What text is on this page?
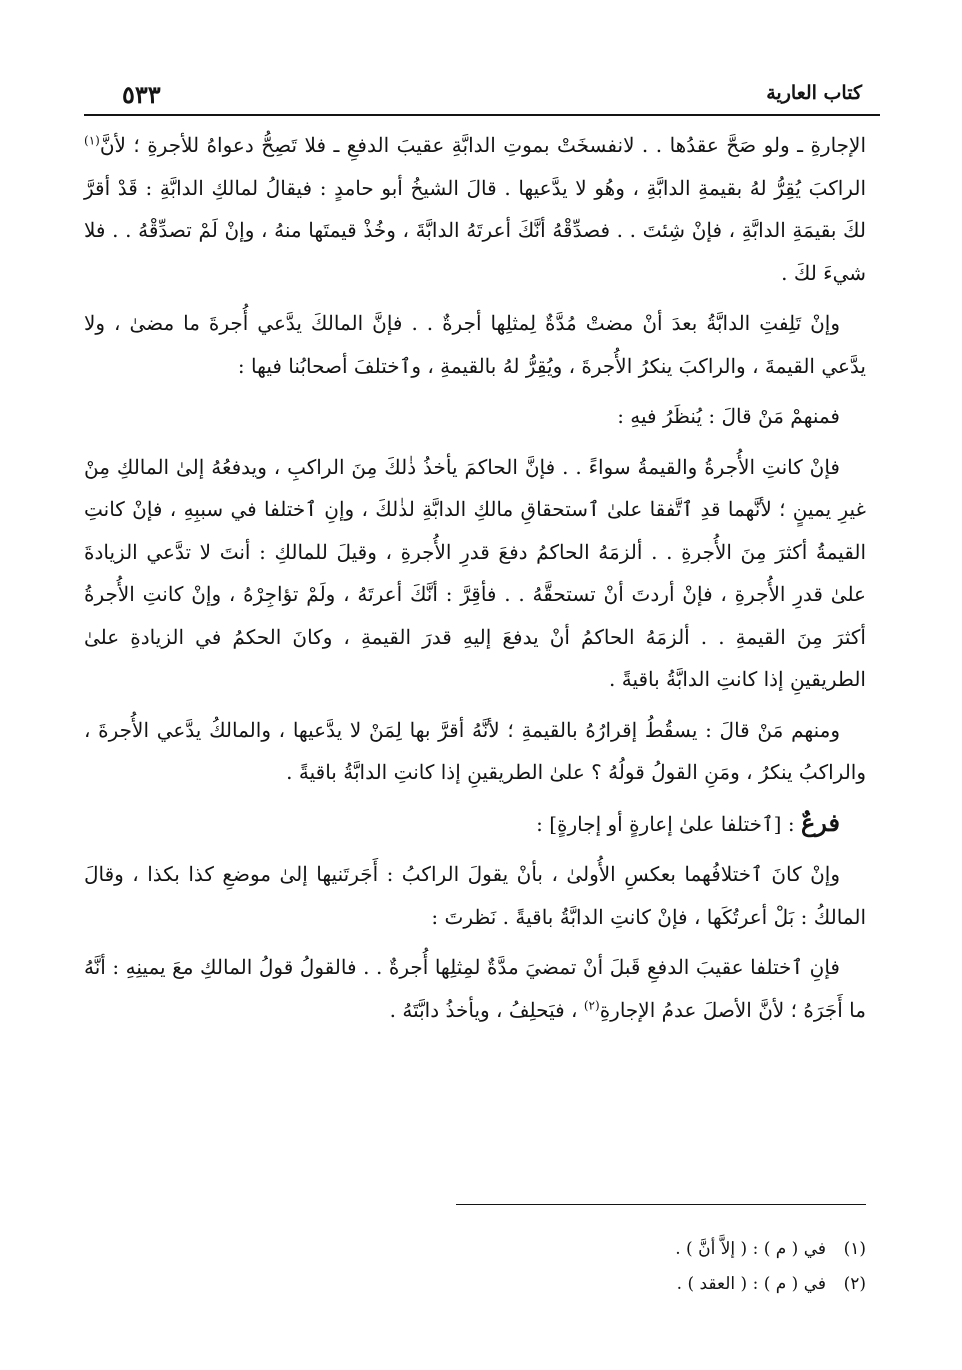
كتاب العارية
٥٣٣

الإجارةِ ـ ولو صَحَّ عقدُها . . لانفسخَتْ بموتِ الدابَّةِ عقيبَ الدفعِ ـ فلا تَصِحُّ دعواهُ للأجرةِ ؛ لأنَّ$^{(١)}$ الراكبَ يُقِرُّ لهُ بقيمةِ الدابَّةِ ، وهُو لا يدَّعيها . قالَ الشيخُ أبو حامدٍ : فيقالُ لمالكِ الدابَّةِ : قَدْ أقرَّ لكَ بقيمَةِ الدابَّةِ ، فإنْ شِئتَ . . فصدِّقْهُ أنَّكَ أعرتَهُ الدابَّةَ ، وخُذْ قيمتَها منهُ ، وإنْ لَمْ تصدِّقْهُ . . فلا شيءَ لكَ .

وإنْ تَلِفتِ الدابَّةُ بعدَ أنْ مضتْ مُدَّةٌ لِمثلِها أجرةٌ . . فإنَّ المالكَ يدَّعي أُجرةَ ما مضىٰ ، ولا يدَّعي القيمةَ ، والراكبَ ينكرُ الأُجرةَ ، ويُقِرُّ لهُ بالقيمةِ ، وٱختلفَ أصحابُنا فيها :

فمنهمْ مَنْ قالَ : يُنظَرُ فيهِ :

فإنْ كانتِ الأُجرةُ والقيمةُ سواءً . . فإنَّ الحاكمَ يأخذُ ذٰلكَ مِنَ الراكبِ ، ويدفعُهُ إلىٰ المالكِ مِنْ غيرِ يمينٍ ؛ لأنَّهما قدِ ٱتَّفقا علىٰ ٱستحقاقِ مالكِ الدابَّةِ لذٰلكَ ، وإنِ ٱختلفا في سببِهِ ، فإنْ كانتِ القيمةُ أكثرَ مِنَ الأُجرةِ . . ألزمَهُ الحاكمُ دفعَ قدرِ الأُجرةِ ، وقيلَ للمالكِ : أنتَ لا تدَّعي الزيادةَ علىٰ قدرِ الأُجرةِ ، فإنْ أردتَ أنْ تستحقَّهُ . . فأقِرَّ : أنَّكَ أعرتَهُ ، ولَمْ تؤاجِرْهُ ، وإنْ كانتِ الأُجرةُ أكثرَ مِنَ القيمةِ . . ألزمَهُ الحاكمُ أنْ يدفعَ إليهِ قدرَ القيمةِ ، وكانَ الحكمُ في الزيادةِ علىٰ الطريقينِ إذا كانتِ الدابَّةُ باقيةً .

ومنهم مَنْ قالَ : يسقُطُ إقرارُهُ بالقيمةِ ؛ لأنَّهُ أقرَّ بها لِمَنْ لا يدَّعيها ، والمالكُ يدَّعي الأُجرةَ ، والراكبُ ينكرُ ، ومَنِ القولُ قولُهُ ؟ علىٰ الطريقينِ إذا كانتِ الدابَّةُ باقيةً .

فرعٌ : [ٱختلفا علىٰ إعارةٍ أو إجارةٍ] :

وإنْ كانَ ٱختلافُهما بعكسِ الأُولىٰ ، بأنْ يقولَ الراكبُ : أَجَرتَنيها إلىٰ موضعِ كذا بكذا ، وقالَ المالكُ : بَلْ أعرتُكَها ، فإنْ كانتِ الدابَّةُ باقيةً . نَظرتَ :

فإنِ ٱختلفا عقيبَ الدفعِ قَبلَ أنْ تمضيَ مدَّةٌ لمِثلِها أُجرةٌ . . فالقولُ قولُ المالكِ معَ يمينِهِ : أنَّهُ ما أَجَرَهُ ؛ لأنَّ الأصلَ عدمُ الإجارةِ$^{(٢)}$ ، فيَحلِفُ ، ويأخذُ دابَّتَهُ .

(١)في ( م ) : ( إلاَّ أنَّ ) .
(٢)في ( م ) : ( العقد ) .
